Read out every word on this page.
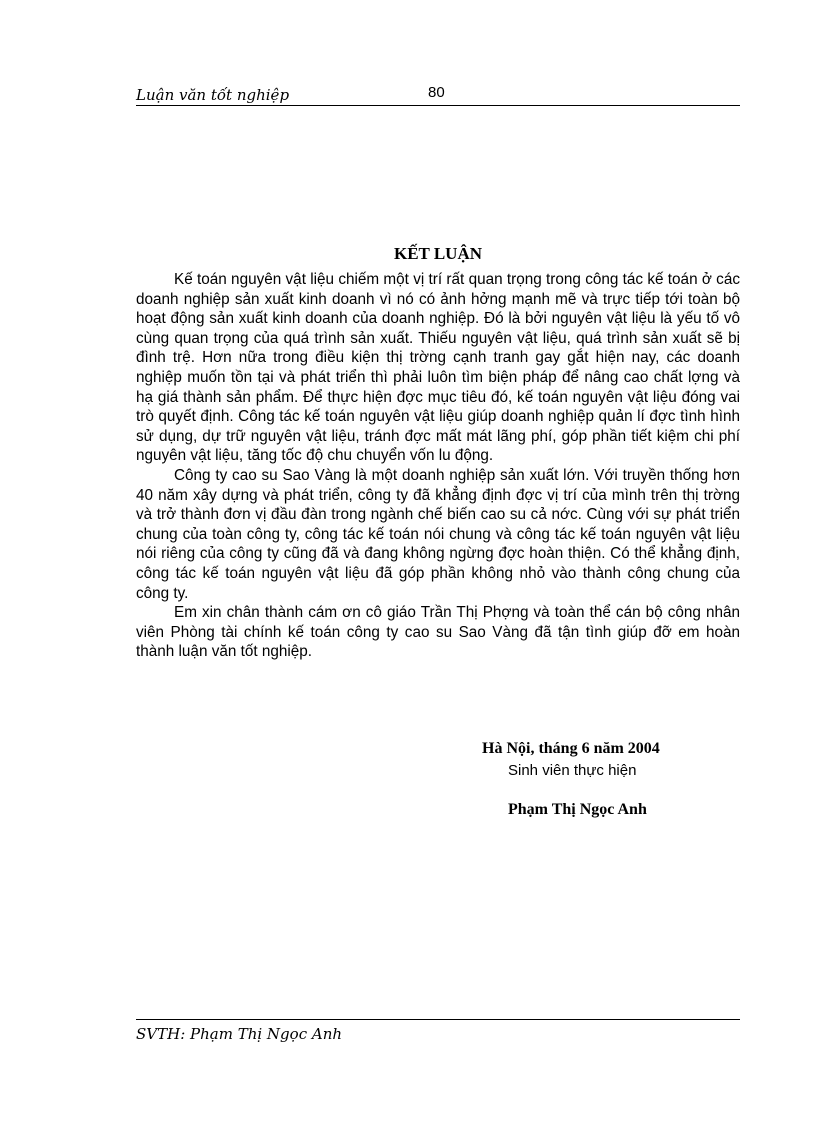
Luận văn tốt nghiệp	80
KẾT LUẬN

Kế toán nguyên vật liệu chiếm một vị trí rất quan trọng trong công tác kế toán ở các doanh nghiệp sản xuất kinh doanh vì nó có ảnh hởng mạnh mẽ và trực tiếp tới toàn bộ hoạt động sản xuất kinh doanh của doanh nghiệp. Đó là bởi nguyên vật liệu là yếu tố vô cùng quan trọng của quá trình sản xuất. Thiếu nguyên vật liệu, quá trình sản xuất sẽ bị đình trệ. Hơn nữa trong điều kiện thị trờng cạnh tranh gay gắt hiện nay, các doanh nghiệp muốn tồn tại và phát triển thì phải luôn tìm biện pháp để nâng cao chất lợng và hạ giá thành sản phẩm. Để thực hiện đợc mục tiêu đó, kế toán nguyên vật liệu đóng vai trò quyết định. Công tác kế toán nguyên vật liệu giúp doanh nghiệp quản lí đợc tình hình sử dụng, dự trữ nguyên vật liệu, tránh đợc mất mát lãng phí, góp phần tiết kiệm chi phí nguyên vật liệu, tăng tốc độ chu chuyển vốn lu động.

Công ty cao su Sao Vàng là một doanh nghiệp sản xuất lớn. Với truyền thống hơn 40 năm xây dựng và phát triển, công ty đã khẳng định đợc vị trí của mình trên thị trờng và trở thành đơn vị đầu đàn trong ngành chế biến cao su cả nớc. Cùng với sự phát triển chung của toàn công ty, công tác kế toán nói chung và công tác kế toán nguyên vật liệu nói riêng của công ty cũng đã và đang không ngừng đợc hoàn thiện. Có thể khẳng định, công tác kế toán nguyên vật liệu đã góp phần không nhỏ vào thành công chung của công ty.

Em xin chân thành cám ơn cô giáo Trần Thị Phợng và toàn thể cán bộ công nhân viên Phòng tài chính kế toán công ty cao su Sao Vàng đã tận tình giúp đỡ em hoàn thành luận văn tốt nghiệp.

Hà Nội, tháng 6 năm 2004
Sinh viên thực hiện
Phạm Thị Ngọc Anh
SVTH: Phạm Thị Ngọc Anh
